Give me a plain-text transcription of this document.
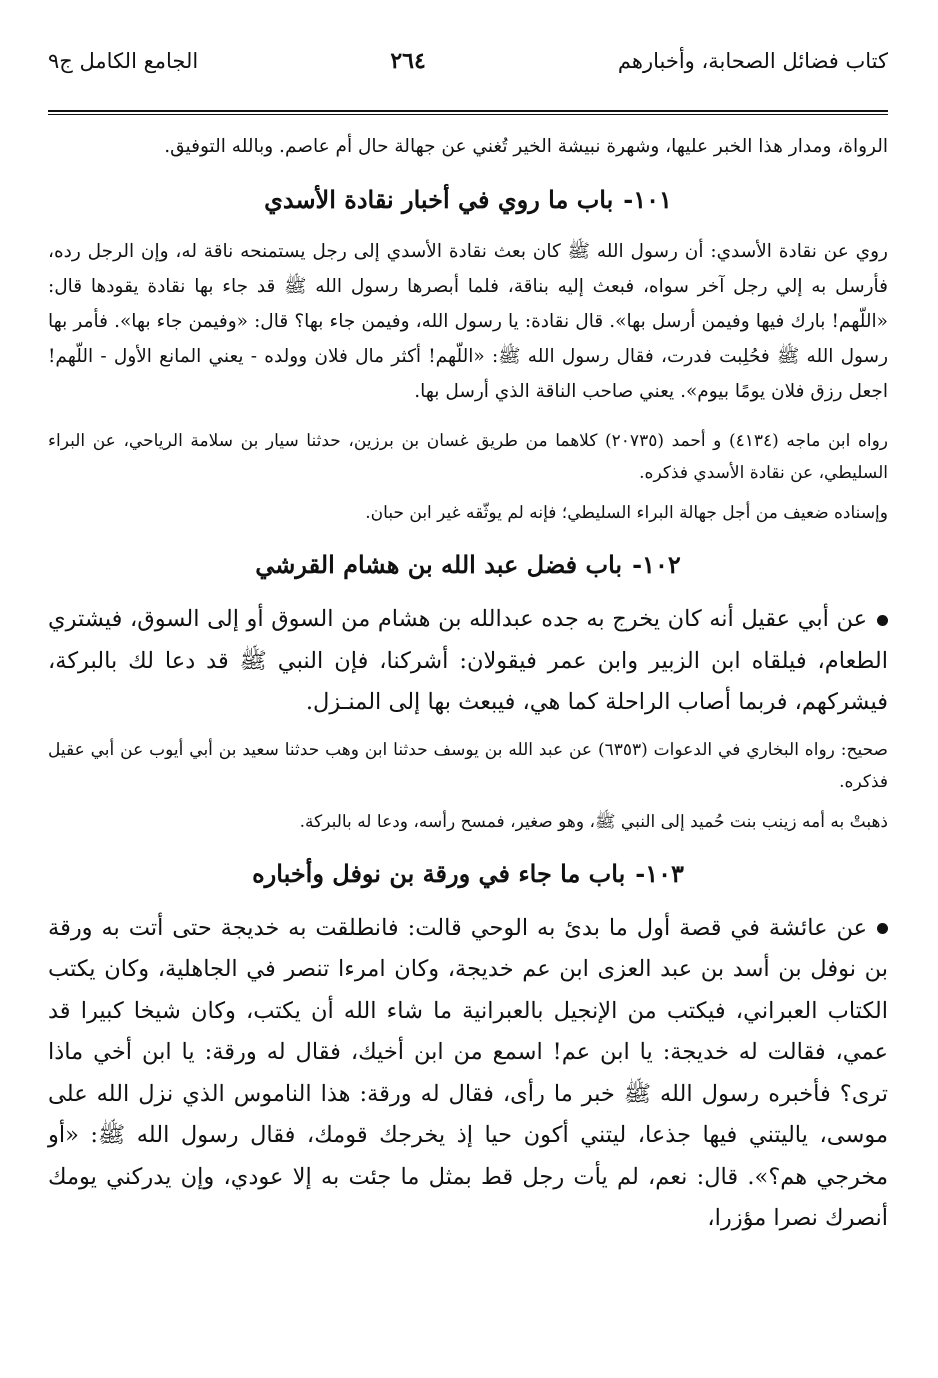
كتاب فضائل الصحابة، وأخبارهم
٢٦٤
الجامع الكامل ج٩

الرواة، ومدار هذا الخبر عليها، وشهرة نبيشة الخير تُغني عن جهالة حال أم عاصم. وبالله التوفيق.

١٠١-باب ما روي في أخبار نقادة الأسدي

روي عن نقادة الأسدي: أن رسول الله ﷺ كان بعث نقادة الأسدي إلى رجل يستمنحه ناقة له، وإن الرجل رده، فأرسل به إلي رجل آخر سواه، فبعث إليه بناقة، فلما أبصرها رسول الله ﷺ قد جاء بها نقادة يقودها قال: «اللّهم! بارك فيها وفيمن أرسل بها». قال نقادة: يا رسول الله، وفيمن جاء بها؟ قال: «وفيمن جاء بها». فأمر بها رسول الله ﷺ فحُلِبت فدرت، فقال رسول الله ﷺ: «اللّهم! أكثر مال فلان وولده - يعني المانع الأول - اللّهم! اجعل رزق فلان يومًا بيوم». يعني صاحب الناقة الذي أرسل بها.

رواه ابن ماجه (٤١٣٤) و أحمد (٢٠٧٣٥) كلاهما من طريق غسان بن برزين، حدثنا سيار بن سلامة الرياحي، عن البراء السليطي، عن نقادة الأسدي فذكره.

وإسناده ضعيف من أجل جهالة البراء السليطي؛ فإنه لم يوثّقه غير ابن حبان.

١٠٢-باب فضل عبد الله بن هشام القرشي

عن أبي عقيل أنه كان يخرج به جده عبدالله بن هشام من السوق أو إلى السوق، فيشتري الطعام، فيلقاه ابن الزبير وابن عمر فيقولان: أشركنا، فإن النبي ﷺ قد دعا لك بالبركة، فيشركهم، فربما أصاب الراحلة كما هي، فيبعث بها إلى المنـزل.

صحيح: رواه البخاري في الدعوات (٦٣٥٣) عن عبد الله بن يوسف حدثنا ابن وهب حدثنا سعيد بن أبي أيوب عن أبي عقيل فذكره.

ذهبتْ به أمه زينب بنت حُميد إلى النبي ﷺ، وهو صغير، فمسح رأسه، ودعا له بالبركة.

١٠٣-باب ما جاء في ورقة بن نوفل وأخباره

عن عائشة في قصة أول ما بدئ به الوحي قالت: فانطلقت به خديجة حتى أتت به ورقة بن نوفل بن أسد بن عبد العزى ابن عم خديجة، وكان امرءا تنصر في الجاهلية، وكان يكتب الكتاب العبراني، فيكتب من الإنجيل بالعبرانية ما شاء الله أن يكتب، وكان شيخا كبيرا قد عمي، فقالت له خديجة: يا ابن عم! اسمع من ابن أخيك، فقال له ورقة: يا ابن أخي ماذا ترى؟ فأخبره رسول الله ﷺ خبر ما رأى، فقال له ورقة: هذا الناموس الذي نزل الله على موسى، ياليتني فيها جذعا، ليتني أكون حيا إذ يخرجك قومك، فقال رسول الله ﷺ: «أو مخرجي هم؟». قال: نعم، لم يأت رجل قط بمثل ما جئت به إلا عودي، وإن يدركني يومك أنصرك نصرا مؤزرا،
